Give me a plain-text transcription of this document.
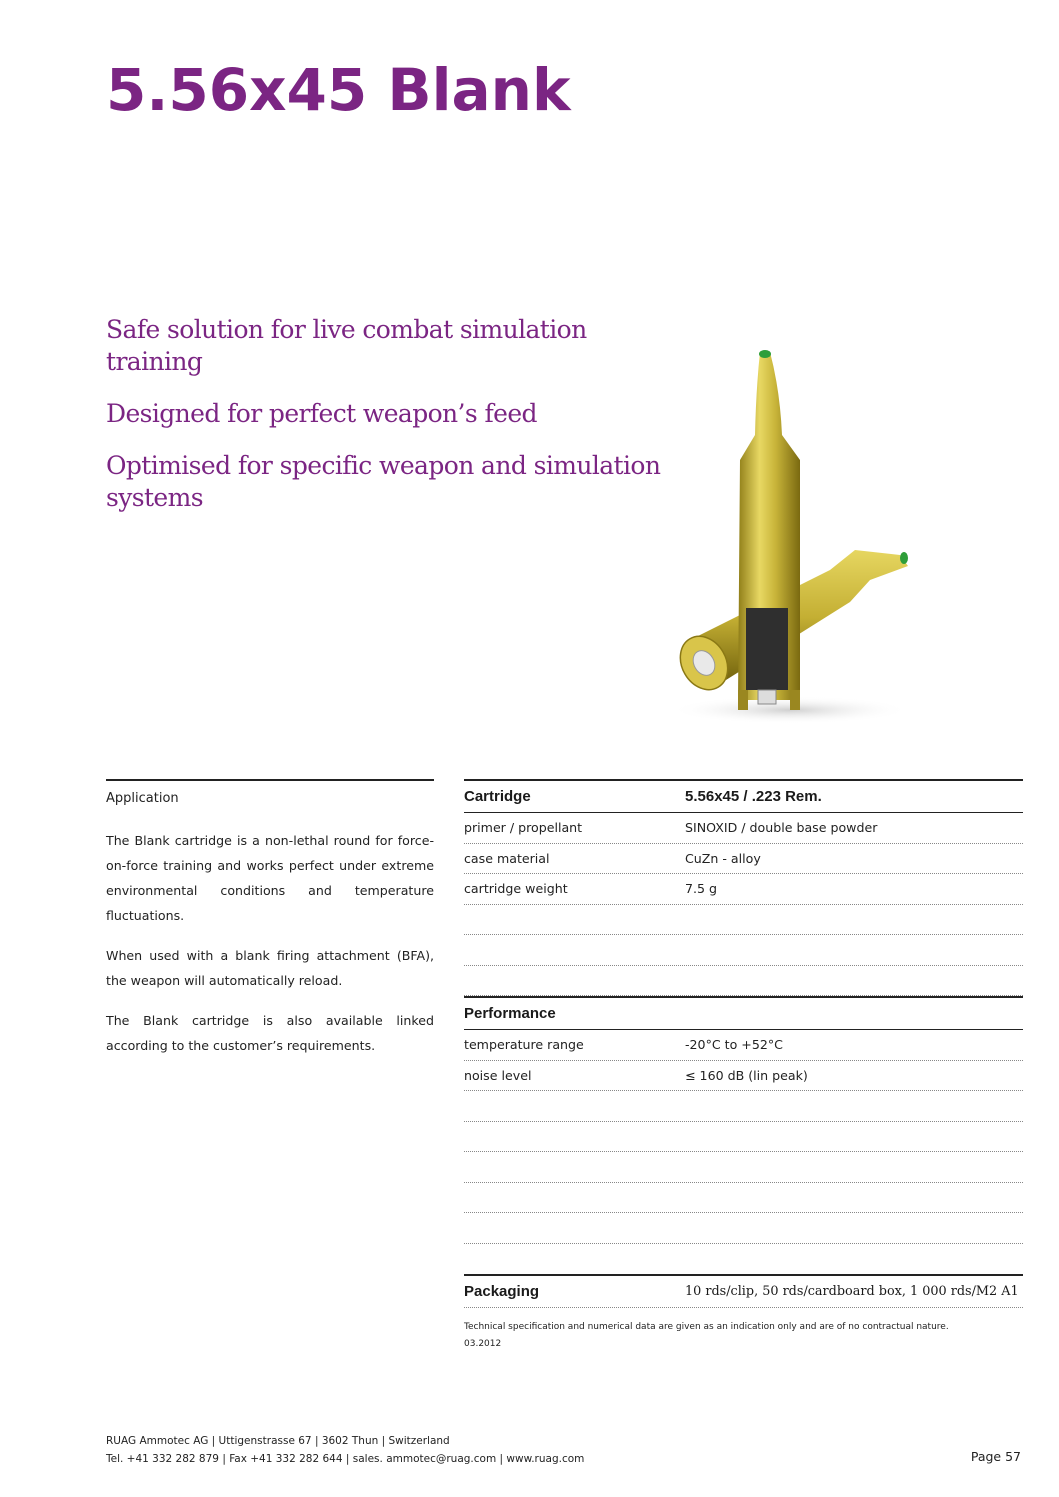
5.56x45 Blank

Safe solution for live combat simulation training

Designed for perfect weapon’s feed

Optimised for specific weapon and simulation systems

Application

The Blank cartridge is a non-lethal round for force-on-force training and works perfect under extreme environmental conditions and temperature fluctuations.

When used with a blank firing attachment (BFA), the weapon will automatically reload.

The Blank cartridge is also available linked according to the customer’s requirements.

Cartridge	5.56x45 / .223 Rem.
primer / propellant	SINOXID / double base powder
case material	CuZn - alloy
cartridge weight	7.5 g
Performance
temperature range	-20°C to +52°C
noise level	≤ 160 dB (lin peak)
Packaging	10 rds/clip, 50 rds/cardboard box, 1 000 rds/M2 A1
Technical specification and numerical data are given as an indication only and are of no contractual nature.
03.2012
RUAG Ammotec AG | Uttigenstrasse 67 | 3602 Thun | Switzerland
Tel. +41 332 282 879 | Fax +41 332 282 644 | sales. ammotec@ruag.com | www.ruag.com	Page 57
